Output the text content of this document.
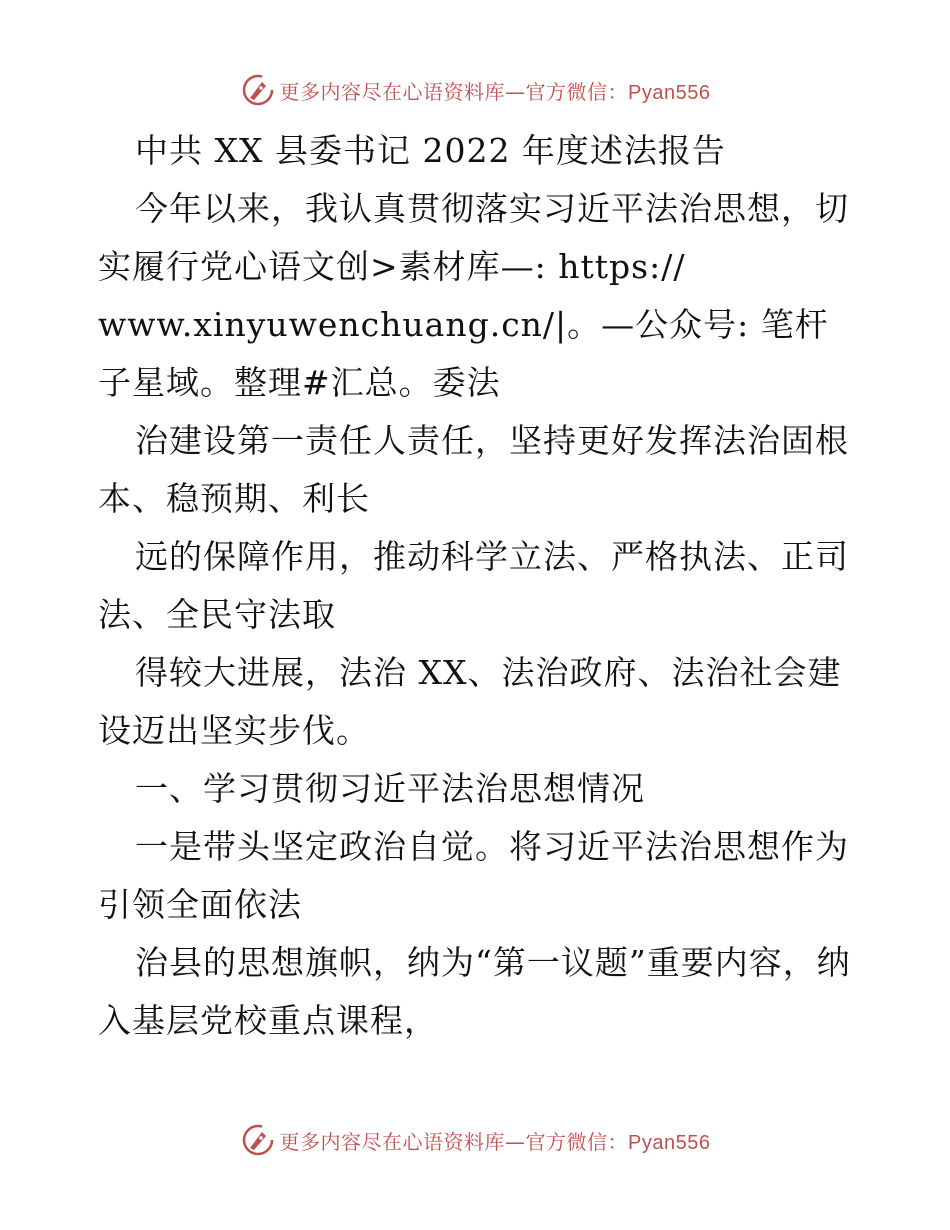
更多内容尽在心语资料库—官方微信：Pyan556

中共 XX 县委书记 2022 年度述法报告

今年以来，我认真贯彻落实习近平法治思想，切实履行党心语文创>素材库—: https:// www.xinyuwenchuang.cn/|。—公众号: 笔杆子星域。整理#汇总。委法

治建设第一责任人责任，坚持更好发挥法治固根本、稳预期、利长

远的保障作用，推动科学立法、严格执法、正司法、全民守法取

得较大进展，法治 XX、法治政府、法治社会建设迈出坚实步伐。

一、学习贯彻习近平法治思想情况

一是带头坚定政治自觉。将习近平法治思想作为引领全面依法

治县的思想旗帜，纳为“第一议题”重要内容，纳入基层党校重点课程，

更多内容尽在心语资料库—官方微信：Pyan556
